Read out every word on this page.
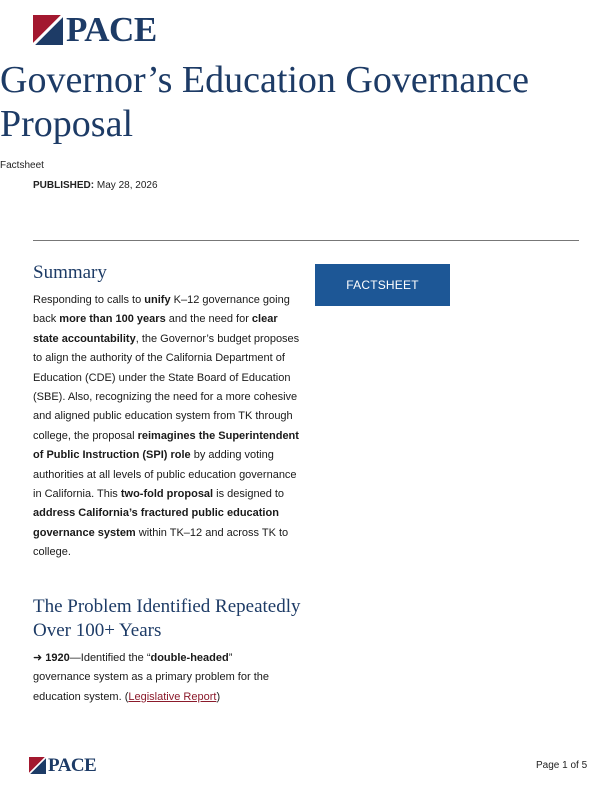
PACE
Governor’s Education Governance Proposal
Factsheet
PUBLISHED: May 28, 2026
Summary

Responding to calls to unify K–12 governance going back more than 100 years and the need for clear state accountability, the Governor’s budget proposes to align the authority of the California Department of Education (CDE) under the State Board of Education (SBE). Also, recognizing the need for a more cohesive and aligned public education system from TK through college, the proposal reimagines the Superintendent of Public Instruction (SPI) role by adding voting authorities at all levels of public education governance in California. This two-fold proposal is designed to address California’s fractured public education governance system within TK–12 and across TK to college.

FACTSHEET
The Problem Identified Repeatedly Over 100+ Years

➜ 1920—Identified the “double-headed” governance system as a primary problem for the education system. (Legislative Report)

PACE	Page 1 of 5
